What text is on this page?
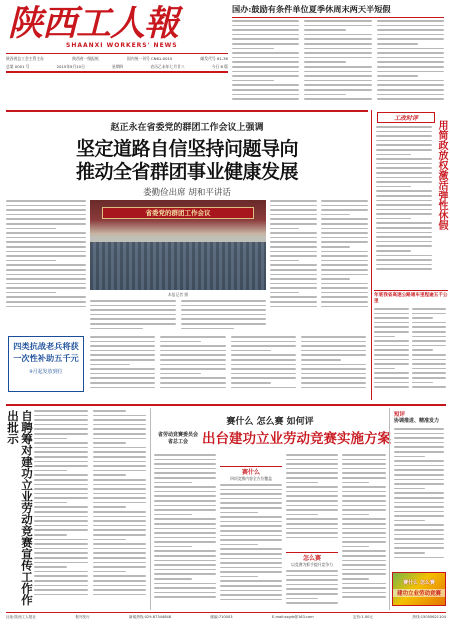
陕西工人報
SHAANXI WORKERS' NEWS
陕西省总工会主管主办	陕西省一级报纸	国内统一刊号 CN61-0015	邮发代号 61-36
总第 0001 号	2015年9月10日	星期四	农历乙未年七月廿八	今日 8 版
国办:鼓励有条件单位夏季休周末两天半短假
赵正永在省委党的群团工作会议上强调
坚定道路自信坚持问题导向
推动全省群团事业健康发展
娄勤俭出席 胡和平讲话
省委党的群团工作会议
本报记者 摄
工改时评
用简政放权激活弹性休假
年底我省高速公路通车里程逾五千公里
四类抗战老兵将获
一次性补助五千元
9月起发放到位
自聘筹对建功立业劳动竞赛宣传工作作出批示	赛什么 怎么赛 如何评
省劳动竞赛委员会
省总工会	出台建功立业劳动竞赛实施方案
赛什么
四项竞赛内容全方位覆盖
怎么赛
以竞赛为抓手提升竞争力
短评
协调推进、精准发力
赛什么 怎么赛
建功立业劳动竞赛
社址:陕西工人报社	报刊发行	新闻热线:029-87344848	邮编:710003	E-mail:sxgrb@163.com	定价:1.00元	热线:15050621104
